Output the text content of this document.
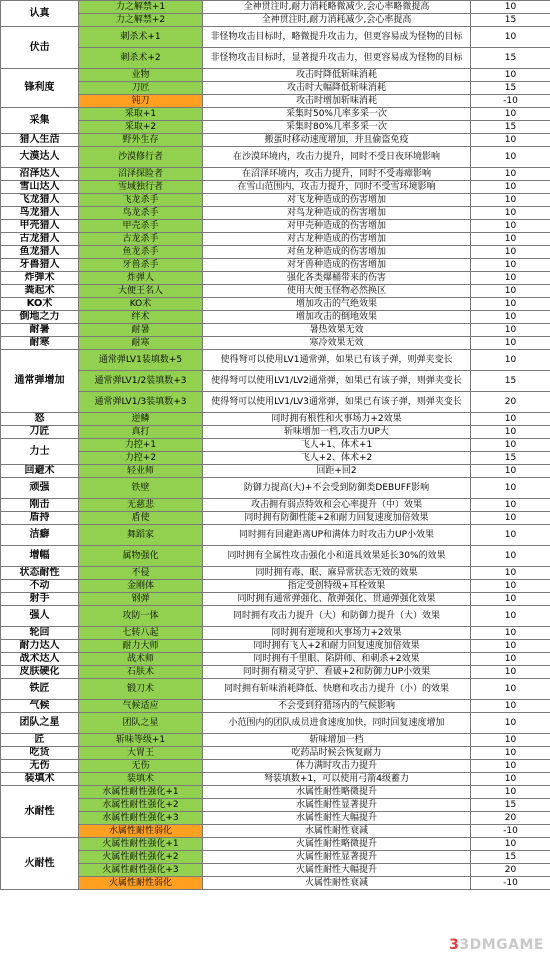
认真	力之解禁+1	全神贯注时,耐力消耗略微减少,会心率略微提高	10
	力之解禁+2	全神贯注时,耐力消耗减少,会心率提高	15
伏击	刺杀术+1	非怪物攻击目标时，略微提升攻击力，但更容易成为怪物的目标	10
	刺杀术+2	非怪物攻击目标时，显著提升攻击力，但更容易成为怪物的目标	15
锋利度	业物	攻击时降低斩味消耗	10
	刀匠	攻击时大幅降低斩味消耗	15
	钝刀	攻击时增加斩味消耗	-10
采集	采取+1	采集时50%几率多采一次	10
	采取+2	采集时80%几率多采一次	15
猎人生活	野外生存	搬蛋时移动速度增加，并且偷盗免疫	10
大漠达人	沙漠修行者	在沙漠环境内，攻击力提升，同时不受日夜环境影响	10
沼泽达人	沼泽探险者	在沼泽环境内，攻击力提升，同时不受毒瘴影响	10
雪山达人	雪域独行者	在雪山范围内，攻击力提升，同时不受雪环境影响	10
飞龙猎人	飞龙杀手	对飞龙种造成的伤害增加	10
鸟龙猎人	鸟龙杀手	对鸟龙种造成的伤害增加	10
甲壳猎人	甲壳杀手	对甲壳种造成的伤害增加	10
古龙猎人	古龙杀手	对古龙种造成的伤害增加	10
鱼龙猎人	鱼龙杀手	对鱼龙种造成的伤害增加	10
牙兽猎人	牙兽杀手	对牙兽种造成的伤害增加	10
炸弹术	炸弹人	强化各类爆桶带来的伤害	10
粪起术	大便王名人	使用大便玉怪物必然换区	10
KO术	KO术	增加攻击的气绝效果	10
倒地之力	绊术	增加攻击的倒地效果	10
耐暑	耐暑	暑热效果无效	10
耐寒	耐寒	寒冷效果无效	10
通常弹增加	通常弹LV1装填数+5	使得弩可以使用LV1通常弹，如果已有该子弹，则弹夹变长	10
	通常弹LV1/2装填数+3	使得弩可以使用LV1/LV2通常弹，如果已有该子弹，则弹夹变长	15
	通常弹LV1/3装填数+3	使得弩可以使用LV1/LV3通常弹，如果已有该子弹，则弹夹变长	20
怒	逆鳞	同时拥有根性和火事场力+2效果	10
刀匠	真打	斩味增加一档,攻击力UP大	10
力士	力控+1	飞人+1、体术+1	10
	力控+2	飞人+2、体术+2	15
回避术	轻业师	回距+回2	10
顽强	铁壁	防御力提高(大)+不会受到防御类DEBUFF影响	10
刚击	无慈悲	攻击拥有弱点特效和会心率提升（中）效果	10
盾持	盾使	同时拥有防御性能+2和耐力回复速度加倍效果	10
洁癖	舞蹈家	同时拥有回避距离UP和满体力时攻击力UP小效果	10
增幅	属物强化	同时拥有全属性攻击强化小和道具效果延长30%的效果	10
状态耐性	不侵	同时拥有毒、眠、麻异常状态无效的效果	10
不动	金刚体	指定受创特级+耳栓效果	10
射手	钢弹	同时拥有通常弹强化、散弹强化、贯通弹强化效果	10
强人	攻防一体	同时拥有攻击力提升（大）和防御力提升（大）效果	10
轮回	七转八起	同时拥有逆境和火事场力+2效果	10
耐力达人	耐力大师	同时拥有飞人+2和耐力回复速度加倍效果	10
战术达人	战术师	同时拥有千里眼、陷阱师、和刺杀+2效果	10
皮肤硬化	石肤术	同时拥有精灵守护、看破+2和防御力UP小效果	10
铁匠	锻刀术	同时拥有斩味消耗降低、快磨和攻击力提升（小）的效果	10
气候	气候适应	不会受到狩猎场内的气候影响	10
团队之星	团队之星	小范围内的团队成员进食速度加快，同时回复速度增加	10
匠	斩味等级+1	斩味增加一档	10
吃货	大胃王	吃药品时候会恢复耐力	10
无伤	无伤	体力满时攻击力提升	10
装填术	装填术	弩装填数+1，可以使用弓箭4级蓄力	10
水耐性	水属性耐性强化+1	水属性耐性略微提升	10
	水属性耐性强化+2	水属性耐性显著提升	15
	水属性耐性强化+3	水属性耐性大幅提升	20
	水属性耐性弱化	水属性耐性衰减	-10
火耐性	火属性耐性强化+1	火属性耐性略微提升	10
	火属性耐性强化+2	火属性耐性显著提升	15
	火属性耐性强化+3	火属性耐性大幅提升	20
	火属性耐性弱化	火属性耐性衰减	-10
33DMGAME
